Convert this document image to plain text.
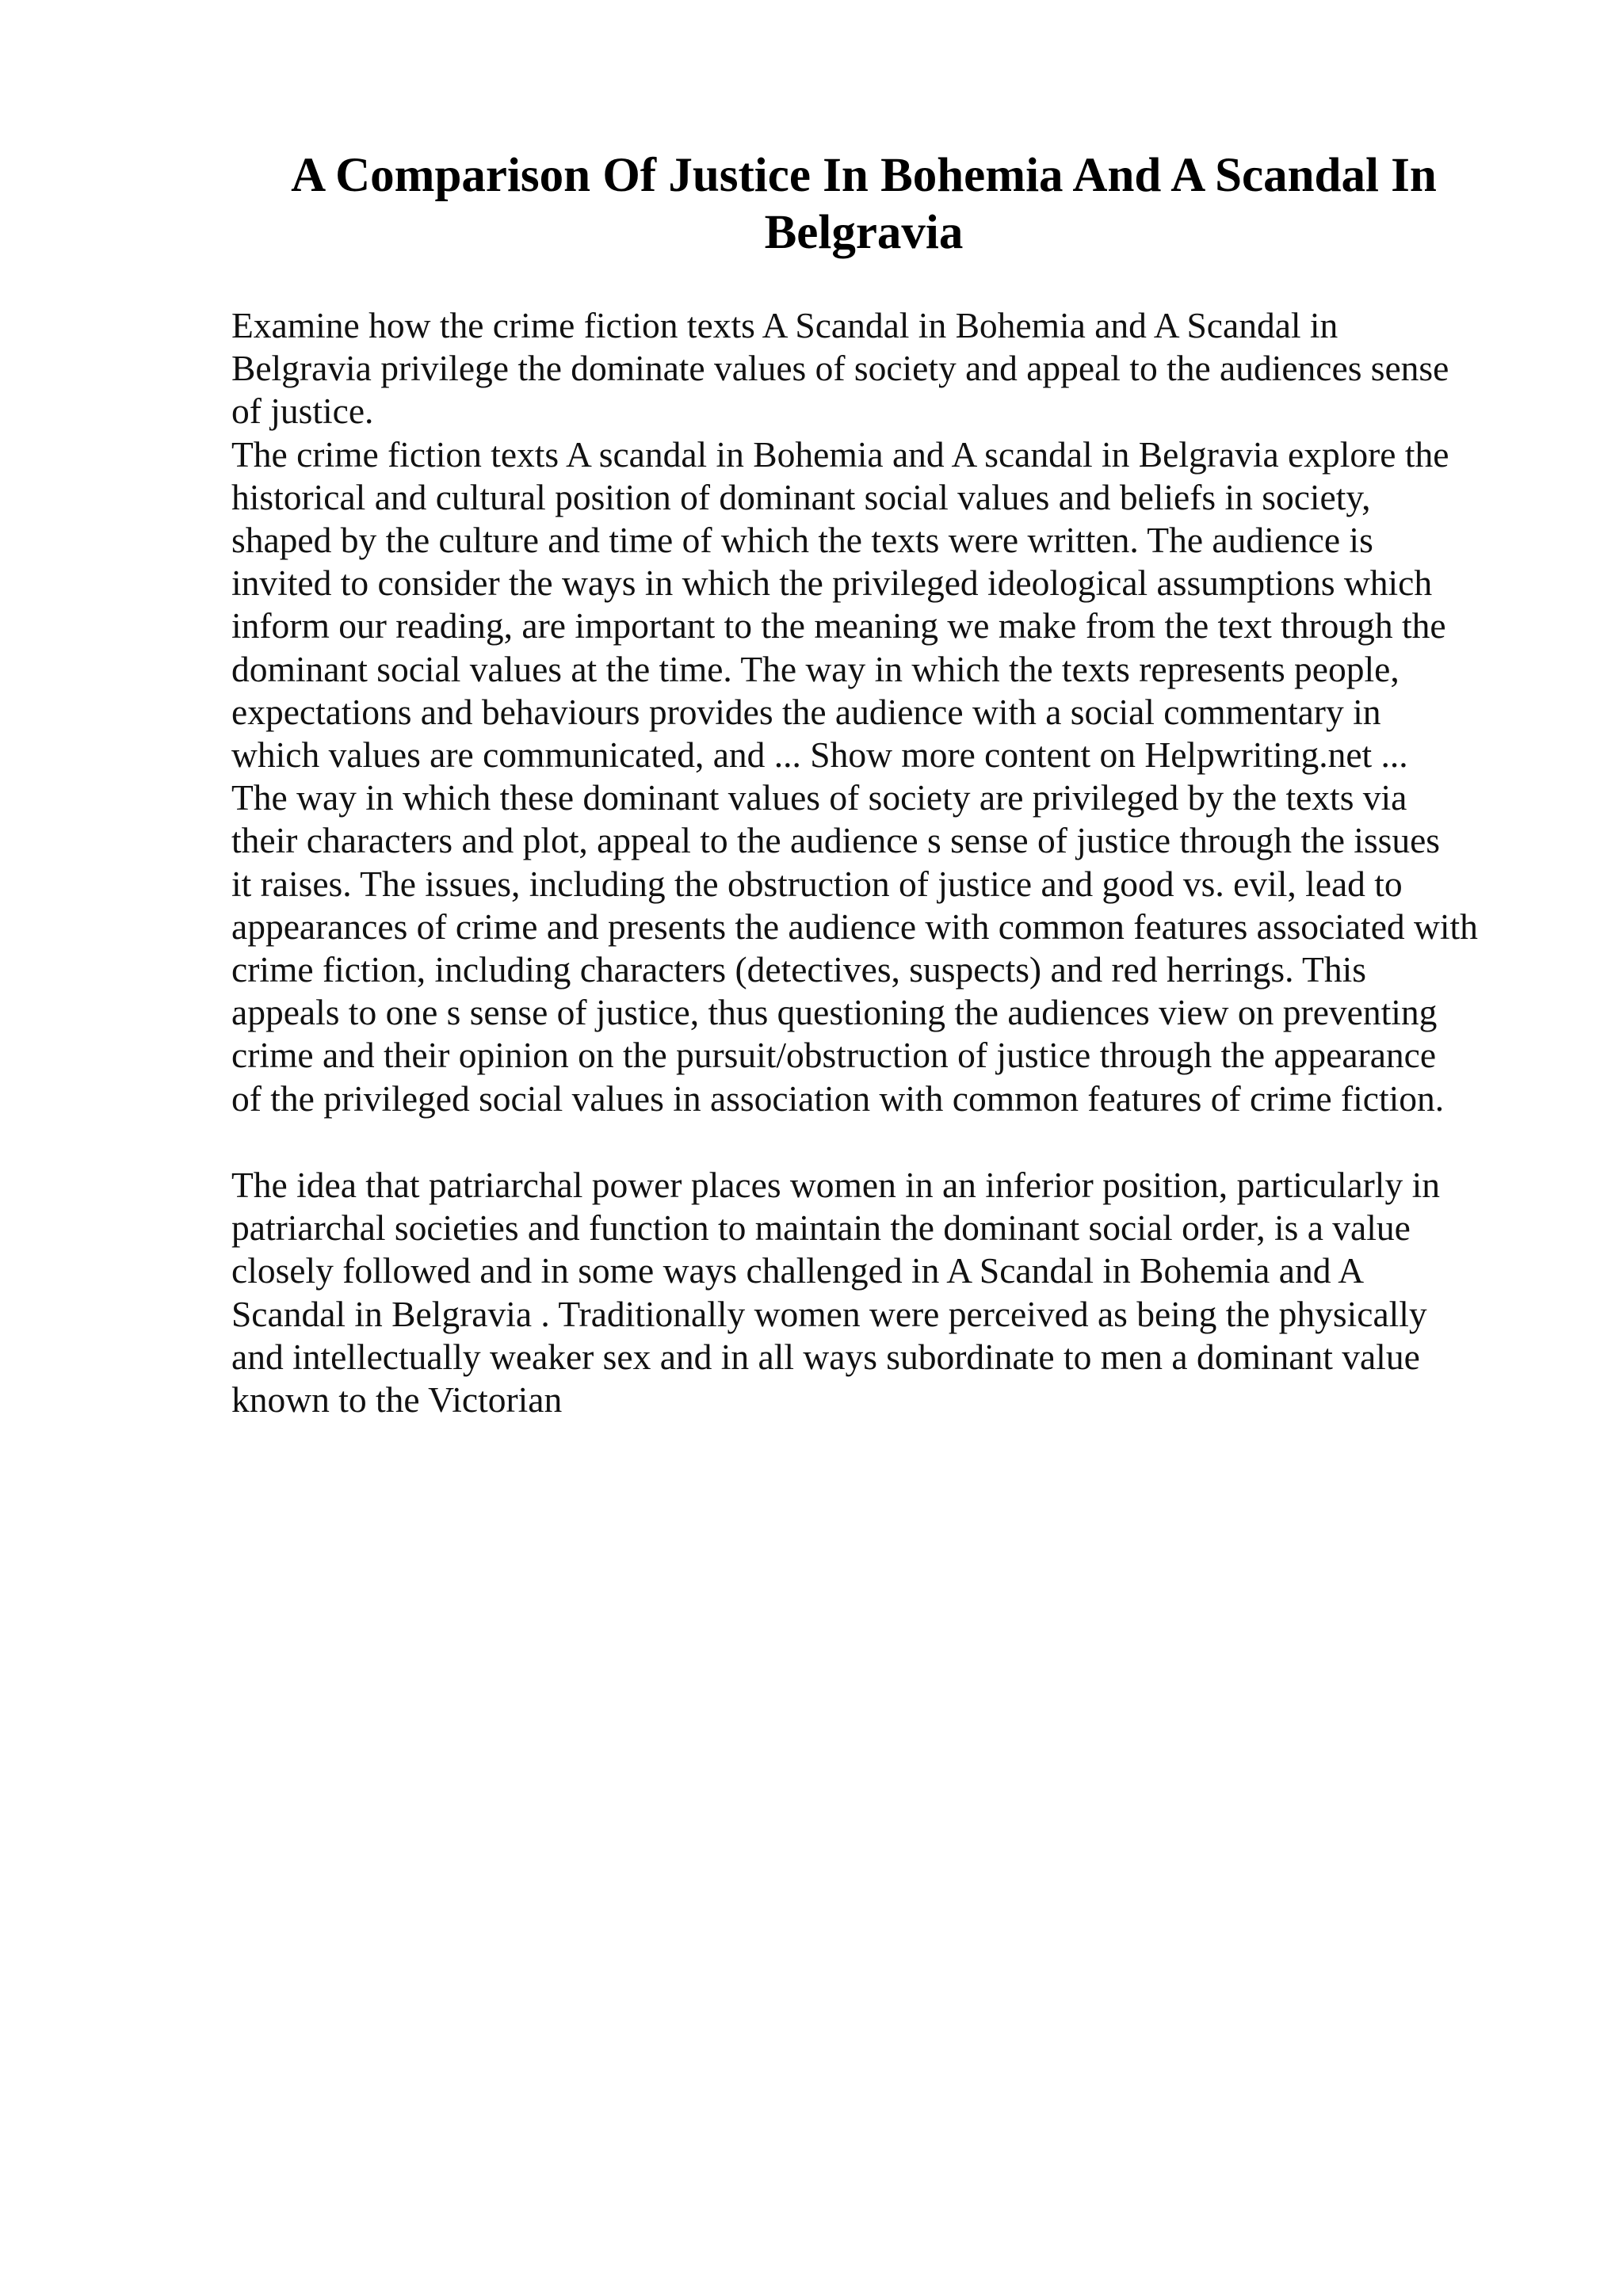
A Comparison Of Justice In Bohemia And A Scandal In Belgravia

Examine how the crime fiction texts A Scandal in Bohemia and A Scandal in
Belgravia privilege the dominate values of society and appeal to the audiences sense
of justice.
The crime fiction texts A scandal in Bohemia and A scandal in Belgravia explore the
historical and cultural position of dominant social values and beliefs in society,
shaped by the culture and time of which the texts were written. The audience is
invited to consider the ways in which the privileged ideological assumptions which
inform our reading, are important to the meaning we make from the text through the
dominant social values at the time. The way in which the texts represents people,
expectations and behaviours provides the audience with a social commentary in
which values are communicated, and ... Show more content on Helpwriting.net ...
The way in which these dominant values of society are privileged by the texts via
their characters and plot, appeal to the audience s sense of justice through the issues
it raises. The issues, including the obstruction of justice and good vs. evil, lead to
appearances of crime and presents the audience with common features associated with
crime fiction, including characters (detectives, suspects) and red herrings. This
appeals to one s sense of justice, thus questioning the audiences view on preventing
crime and their opinion on the pursuit/obstruction of justice through the appearance
of the privileged social values in association with common features of crime fiction.

The idea that patriarchal power places women in an inferior position, particularly in
patriarchal societies and function to maintain the dominant social order, is a value
closely followed and in some ways challenged in A Scandal in Bohemia and A
Scandal in Belgravia . Traditionally women were perceived as being the physically
and intellectually weaker sex and in all ways subordinate to men a dominant value
known to the Victorian
